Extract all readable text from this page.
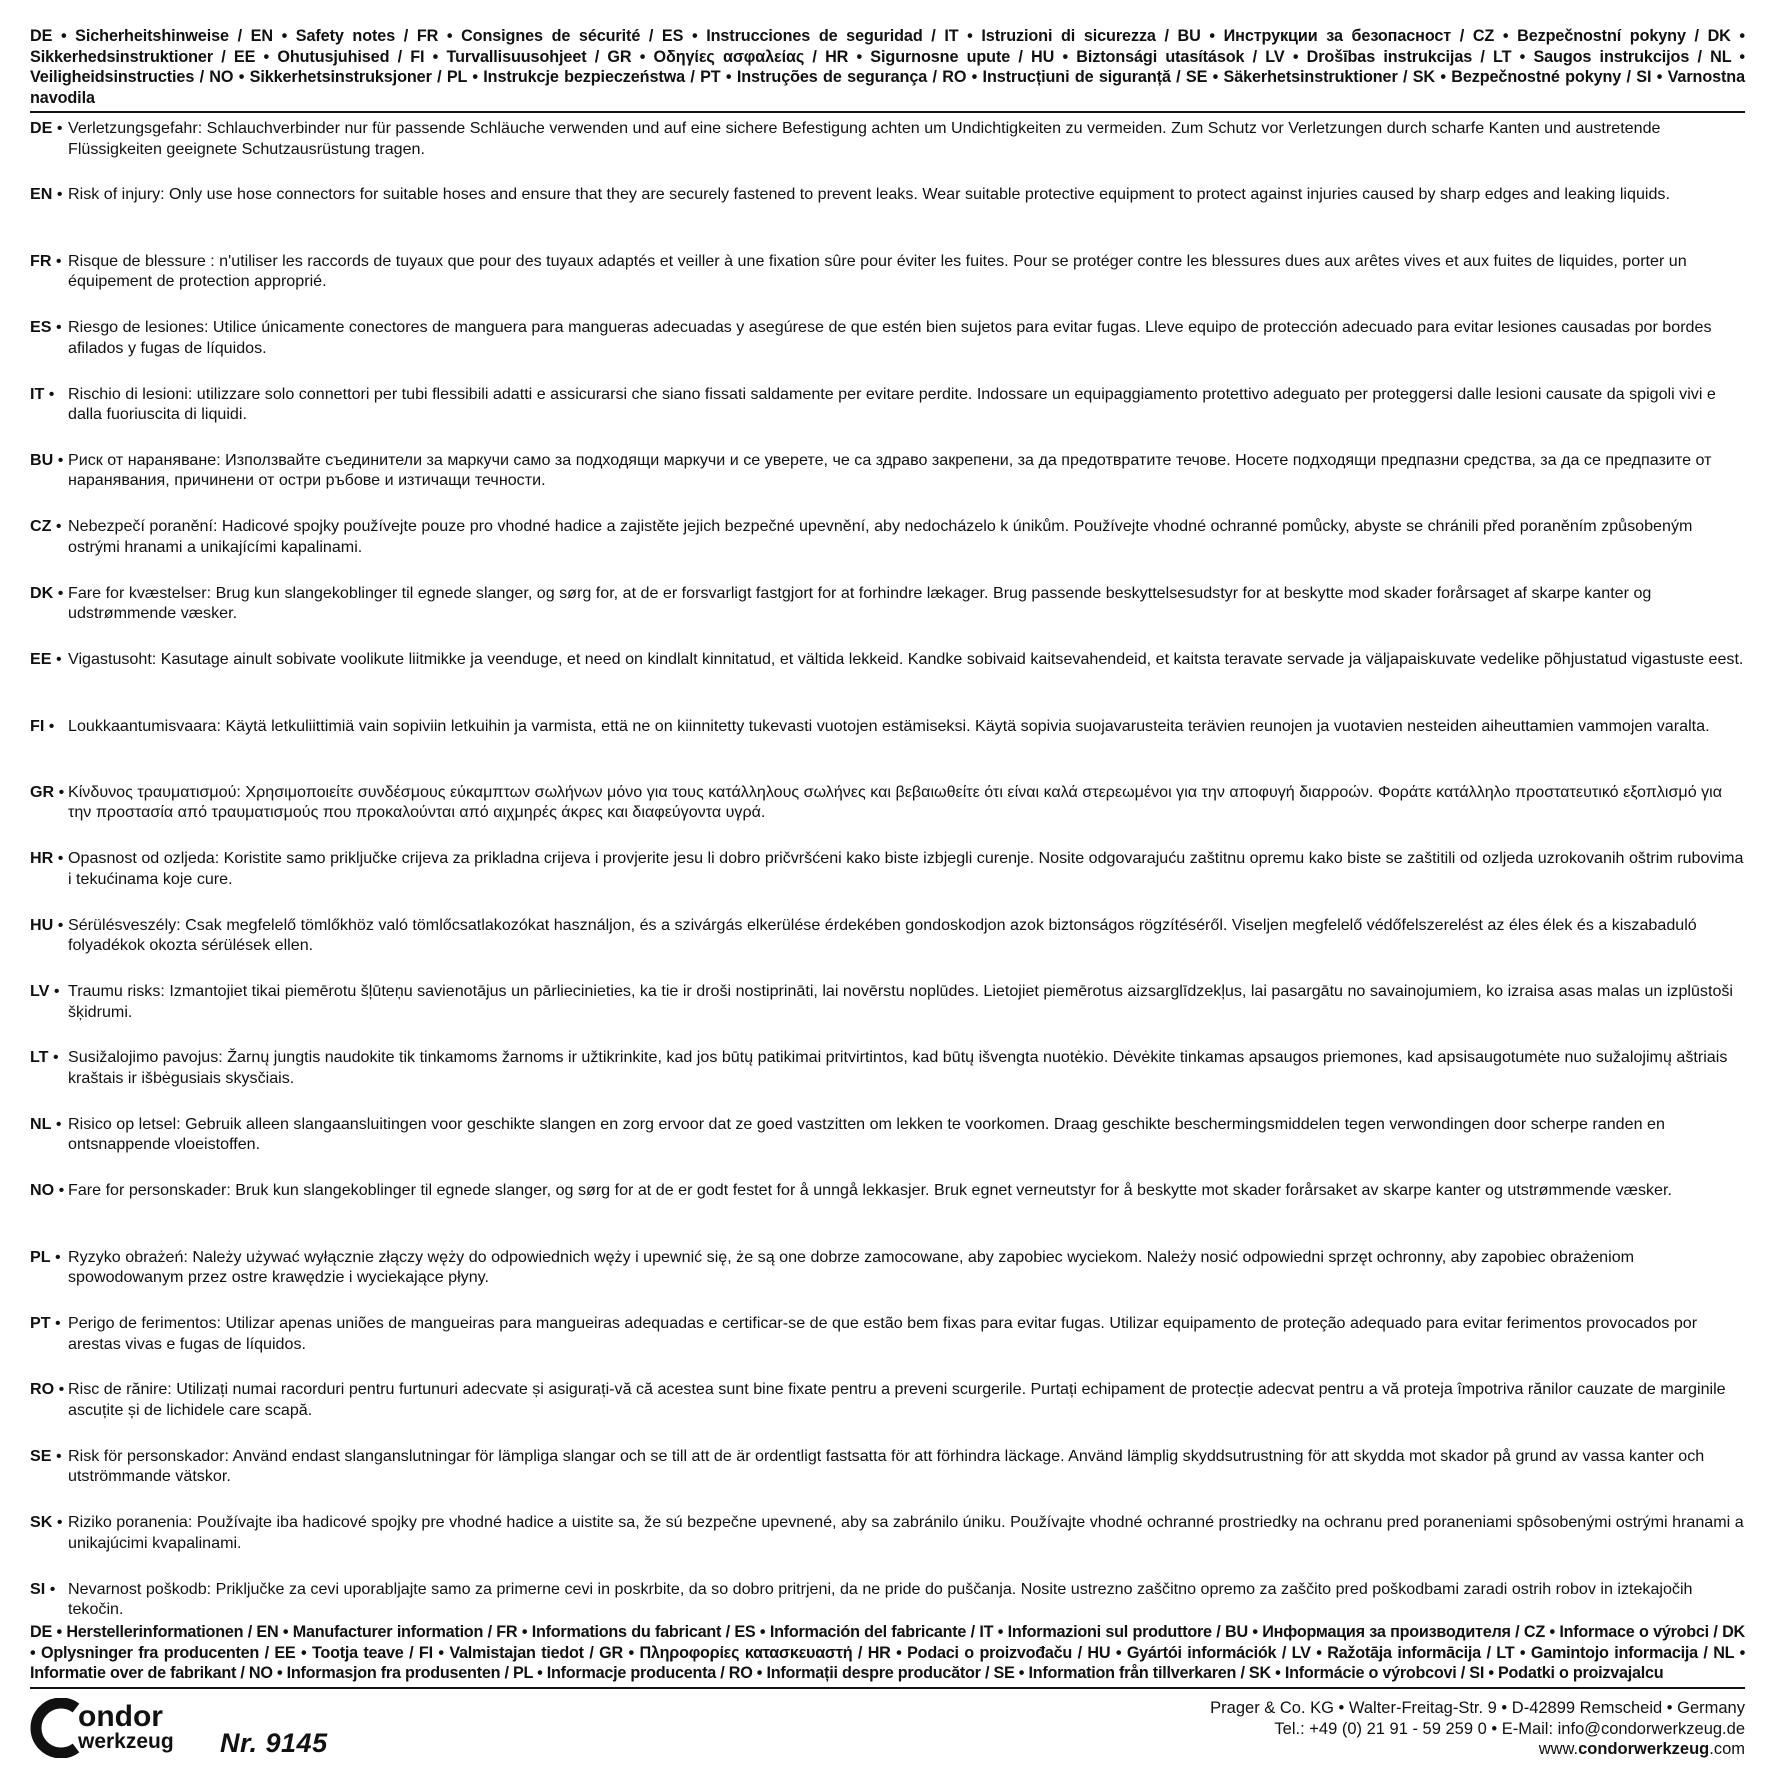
DE • Sicherheitshinweise / EN • Safety notes / FR • Consignes de sécurité / ES • Instrucciones de seguridad / IT • Istruzioni di sicurezza / BU • Инструкции за безопасност / CZ • Bezpečnostní pokyny / DK • Sikkerhedsinstruktioner / EE • Ohutusjuhised / FI • Turvallisuusohjeet / GR • Οδηγίες ασφαλείας / HR • Sigurnosne upute / HU • Biztonsági utasítások / LV • Drošības instrukcijas / LT • Saugos instrukcijos / NL • Veiligheidsinstructies / NO • Sikkerhetsinstruksjoner / PL • Instrukcje bezpieczeństwa / PT • Instruções de segurança / RO • Instrucțiuni de siguranță / SE • Säkerhetsinstruktioner / SK • Bezpečnostné pokyny / SI • Varnostna navodila
DE • Verletzungsgefahr: Schlauchverbinder nur für passende Schläuche verwenden und auf eine sichere Befestigung achten um Undichtigkeiten zu vermeiden. Zum Schutz vor Verletzungen durch scharfe Kanten und austretende Flüssigkeiten geeignete Schutzausrüstung tragen.
EN • Risk of injury: Only use hose connectors for suitable hoses and ensure that they are securely fastened to prevent leaks. Wear suitable protective equipment to protect against injuries caused by sharp edges and leaking liquids.
FR • Risque de blessure : n'utiliser les raccords de tuyaux que pour des tuyaux adaptés et veiller à une fixation sûre pour éviter les fuites. Pour se protéger contre les blessures dues aux arêtes vives et aux fuites de liquides, porter un équipement de protection approprié.
ES • Riesgo de lesiones: Utilice únicamente conectores de manguera para mangueras adecuadas y asegúrese de que estén bien sujetos para evitar fugas. Lleve equipo de protección adecuado para evitar lesiones causadas por bordes afilados y fugas de líquidos.
IT • Rischio di lesioni: utilizzare solo connettori per tubi flessibili adatti e assicurarsi che siano fissati saldamente per evitare perdite. Indossare un equipaggiamento protettivo adeguato per proteggersi dalle lesioni causate da spigoli vivi e dalla fuoriuscita di liquidi.
BU • Риск от нараняване: Използвайте съединители за маркучи само за подходящи маркучи и се уверете, че са здраво закрепени, за да предотвратите течове. Носете подходящи предпазни средства, за да се предпазите от наранявания, причинени от остри ръбове и изтичащи течности.
CZ • Nebezpečí poranění: Hadicové spojky používejte pouze pro vhodné hadice a zajistěte jejich bezpečné upevnění, aby nedocházelo k únikům. Používejte vhodné ochranné pomůcky, abyste se chránili před poraněním způsobeným ostrými hranami a unikajícími kapalinami.
DK • Fare for kvæstelser: Brug kun slangekoblinger til egnede slanger, og sørg for, at de er forsvarligt fastgjort for at forhindre lækager. Brug passende beskyttelsesudstyr for at beskytte mod skader forårsaget af skarpe kanter og udstrømmende væsker.
EE • Vigastusoht: Kasutage ainult sobivate voolikute liitmikke ja veenduge, et need on kindlalt kinnitatud, et vältida lekkeid. Kandke sobivaid kaitsevahendeid, et kaitsta teravate servade ja väljapaiskuvate vedelike põhjustatud vigastuste eest.
FI • Loukkaantumisvaara: Käytä letkuliittimiä vain sopiviin letkuihin ja varmista, että ne on kiinnitetty tukevasti vuotojen estämiseksi. Käytä sopivia suojavarusteita terävien reunojen ja vuotavien nesteiden aiheuttamien vammojen varalta.
GR • Κίνδυνος τραυματισμού: Χρησιμοποιείτε συνδέσμους εύκαμπτων σωλήνων μόνο για τους κατάλληλους σωλήνες και βεβαιωθείτε ότι είναι καλά στερεωμένοι για την αποφυγή διαρροών. Φοράτε κατάλληλο προστατευτικό εξοπλισμό για την προστασία από τραυματισμούς που προκαλούνται από αιχμηρές άκρες και διαφεύγοντα υγρά.
HR • Opasnost od ozljeda: Koristite samo priključke crijeva za prikladna crijeva i provjerite jesu li dobro pričvršćeni kako biste izbjegli curenje. Nosite odgovarajuću zaštitnu opremu kako biste se zaštitili od ozljeda uzrokovanih oštrim rubovima i tekućinama koje cure.
HU • Sérülésveszély: Csak megfelelő tömlőkhöz való tömlőcsatlakozókat használjon, és a szivárgás elkerülése érdekében gondoskodjon azok biztonságos rögzítéséről. Viseljen megfelelő védőfelszerelést az éles élek és a kiszabaduló folyadékok okozta sérülések ellen.
LV • Traumu risks: Izmantojiet tikai piemērotu šļūteņu savienotājus un pārliecinieties, ka tie ir droši nostiprināti, lai novērstu noplūdes. Lietojiet piemērotus aizsarglīdzekļus, lai pasargātu no savainojumiem, ko izraisa asas malas un izplūstoši šķidrumi.
LT • Susižalojimo pavojus: Žarnų jungtis naudokite tik tinkamoms žarnoms ir užtikrinkite, kad jos būtų patikimai pritvirtintos, kad būtų išvengta nuotėkio. Dėvėkite tinkamas apsaugos priemones, kad apsisaugotumėte nuo sužalojimų aštriais kraštais ir išbėgusiais skysčiais.
NL • Risico op letsel: Gebruik alleen slangaansluitingen voor geschikte slangen en zorg ervoor dat ze goed vastzitten om lekken te voorkomen. Draag geschikte beschermingsmiddelen tegen verwondingen door scherpe randen en ontsnappende vloeistoffen.
NO • Fare for personskader: Bruk kun slangekoblinger til egnede slanger, og sørg for at de er godt festet for å unngå lekkasjer. Bruk egnet verneutstyr for å beskytte mot skader forårsaket av skarpe kanter og utstrømmende væsker.
PL • Ryzyko obrażeń: Należy używać wyłącznie złączy węży do odpowiednich węży i upewnić się, że są one dobrze zamocowane, aby zapobiec wyciekom. Należy nosić odpowiedni sprzęt ochronny, aby zapobiec obrażeniom spowodowanym przez ostre krawędzie i wyciekające płyny.
PT • Perigo de ferimentos: Utilizar apenas uniões de mangueiras para mangueiras adequadas e certificar-se de que estão bem fixas para evitar fugas. Utilizar equipamento de proteção adequado para evitar ferimentos provocados por arestas vivas e fugas de líquidos.
RO • Risc de rănire: Utilizați numai racorduri pentru furtunuri adecvate și asigurați-vă că acestea sunt bine fixate pentru a preveni scurgerile. Purtați echipament de protecție adecvat pentru a vă proteja împotriva rănilor cauzate de marginile ascuțite și de lichidele care scapă.
SE • Risk för personskador: Använd endast slanganslutningar för lämpliga slangar och se till att de är ordentligt fastsatta för att förhindra läckage. Använd lämplig skyddsutrustning för att skydda mot skador på grund av vassa kanter och utströmmande vätskor.
SK • Riziko poranenia: Používajte iba hadicové spojky pre vhodné hadice a uistite sa, že sú bezpečne upevnené, aby sa zabránilo úniku. Používajte vhodné ochranné prostriedky na ochranu pred poraneniami spôsobenými ostrými hranami a unikajúcimi kvapalinami.
SI • Nevarnost poškodb: Priključke za cevi uporabljajte samo za primerne cevi in poskrbite, da so dobro pritrjeni, da ne pride do puščanja. Nosite ustrezno zaščitno opremo za zaščito pred poškodbami zaradi ostrih robov in iztekajočih tekočin.
DE • Herstellerinformationen / EN • Manufacturer information / FR • Informations du fabricant / ES • Información del fabricante / IT • Informazioni sul produttore / BU • Информация за производителя / CZ • Informace o výrobci / DK • Oplysninger fra producenten / EE • Tootja teave / FI • Valmistajan tiedot / GR • Πληροφορίες κατασκευαστή / HR • Podaci o proizvođaču / HU • Gyártói információk / LV • Ražotāja informācija / LT • Gamintojo informacija / NL • Informatie over de fabrikant / NO • Informasjon fra produsenten / PL • Informacje producenta / RO • Informații despre producător / SE • Information från tillverkaren / SK • Informácie o výrobcovi / SI • Podatki o proizvajalcu
ondor
werkzeug Nr. 9145
Prager & Co. KG • Walter-Freitag-Str. 9 • D-42899 Remscheid • Germany
Tel.: +49 (0) 21 91 - 59 259 0 • E-Mail: info@condorwerkzeug.de
www.condorwerkzeug.com
